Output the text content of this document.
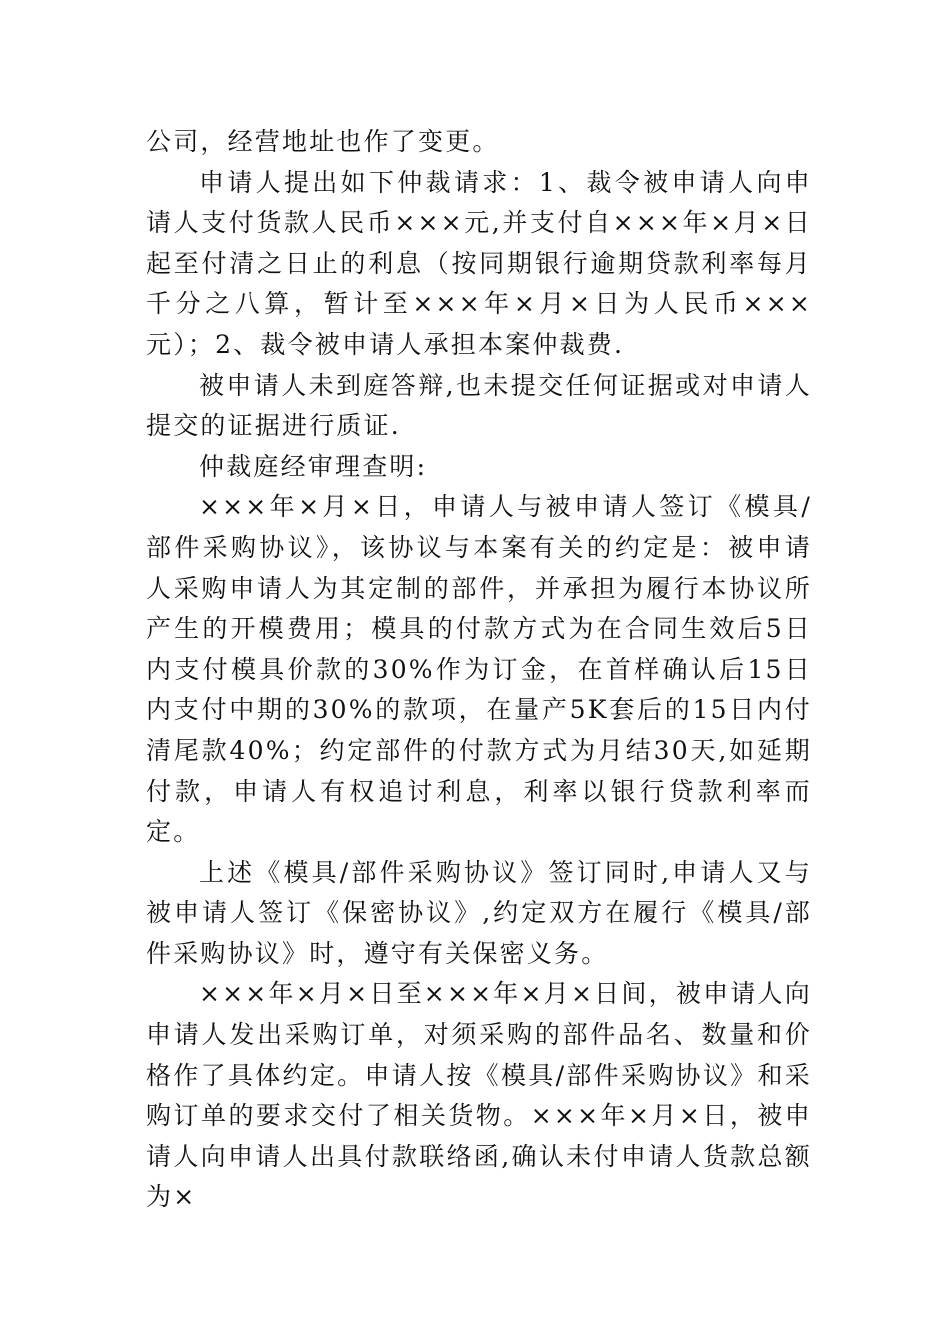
公司，经营地址也作了变更。

申请人提出如下仲裁请求：1、裁令被申请人向申请人支付货款人民币×××元,并支付自×××年×月×日起至付清之日止的利息（按同期银行逾期贷款利率每月千分之八算，暂计至×××年×月×日为人民币×××元）；2、裁令被申请人承担本案仲裁费.

被申请人未到庭答辩,也未提交任何证据或对申请人提交的证据进行质证.

仲裁庭经审理查明:

×××年×月×日，申请人与被申请人签订《模具/部件采购协议》，该协议与本案有关的约定是：被申请人采购申请人为其定制的部件，并承担为履行本协议所产生的开模费用；模具的付款方式为在合同生效后5日内支付模具价款的30%作为订金，在首样确认后15日内支付中期的30%的款项，在量产5K套后的15日内付清尾款40%；约定部件的付款方式为月结30天,如延期付款，申请人有权追讨利息，利率以银行贷款利率而定。

上述《模具/部件采购协议》签订同时,申请人又与被申请人签订《保密协议》,约定双方在履行《模具/部件采购协议》时，遵守有关保密义务。

×××年×月×日至×××年×月×日间，被申请人向申请人发出采购订单，对须采购的部件品名、数量和价格作了具体约定。申请人按《模具/部件采购协议》和采购订单的要求交付了相关货物。×××年×月×日，被申请人向申请人出具付款联络函,确认未付申请人货款总额为×
